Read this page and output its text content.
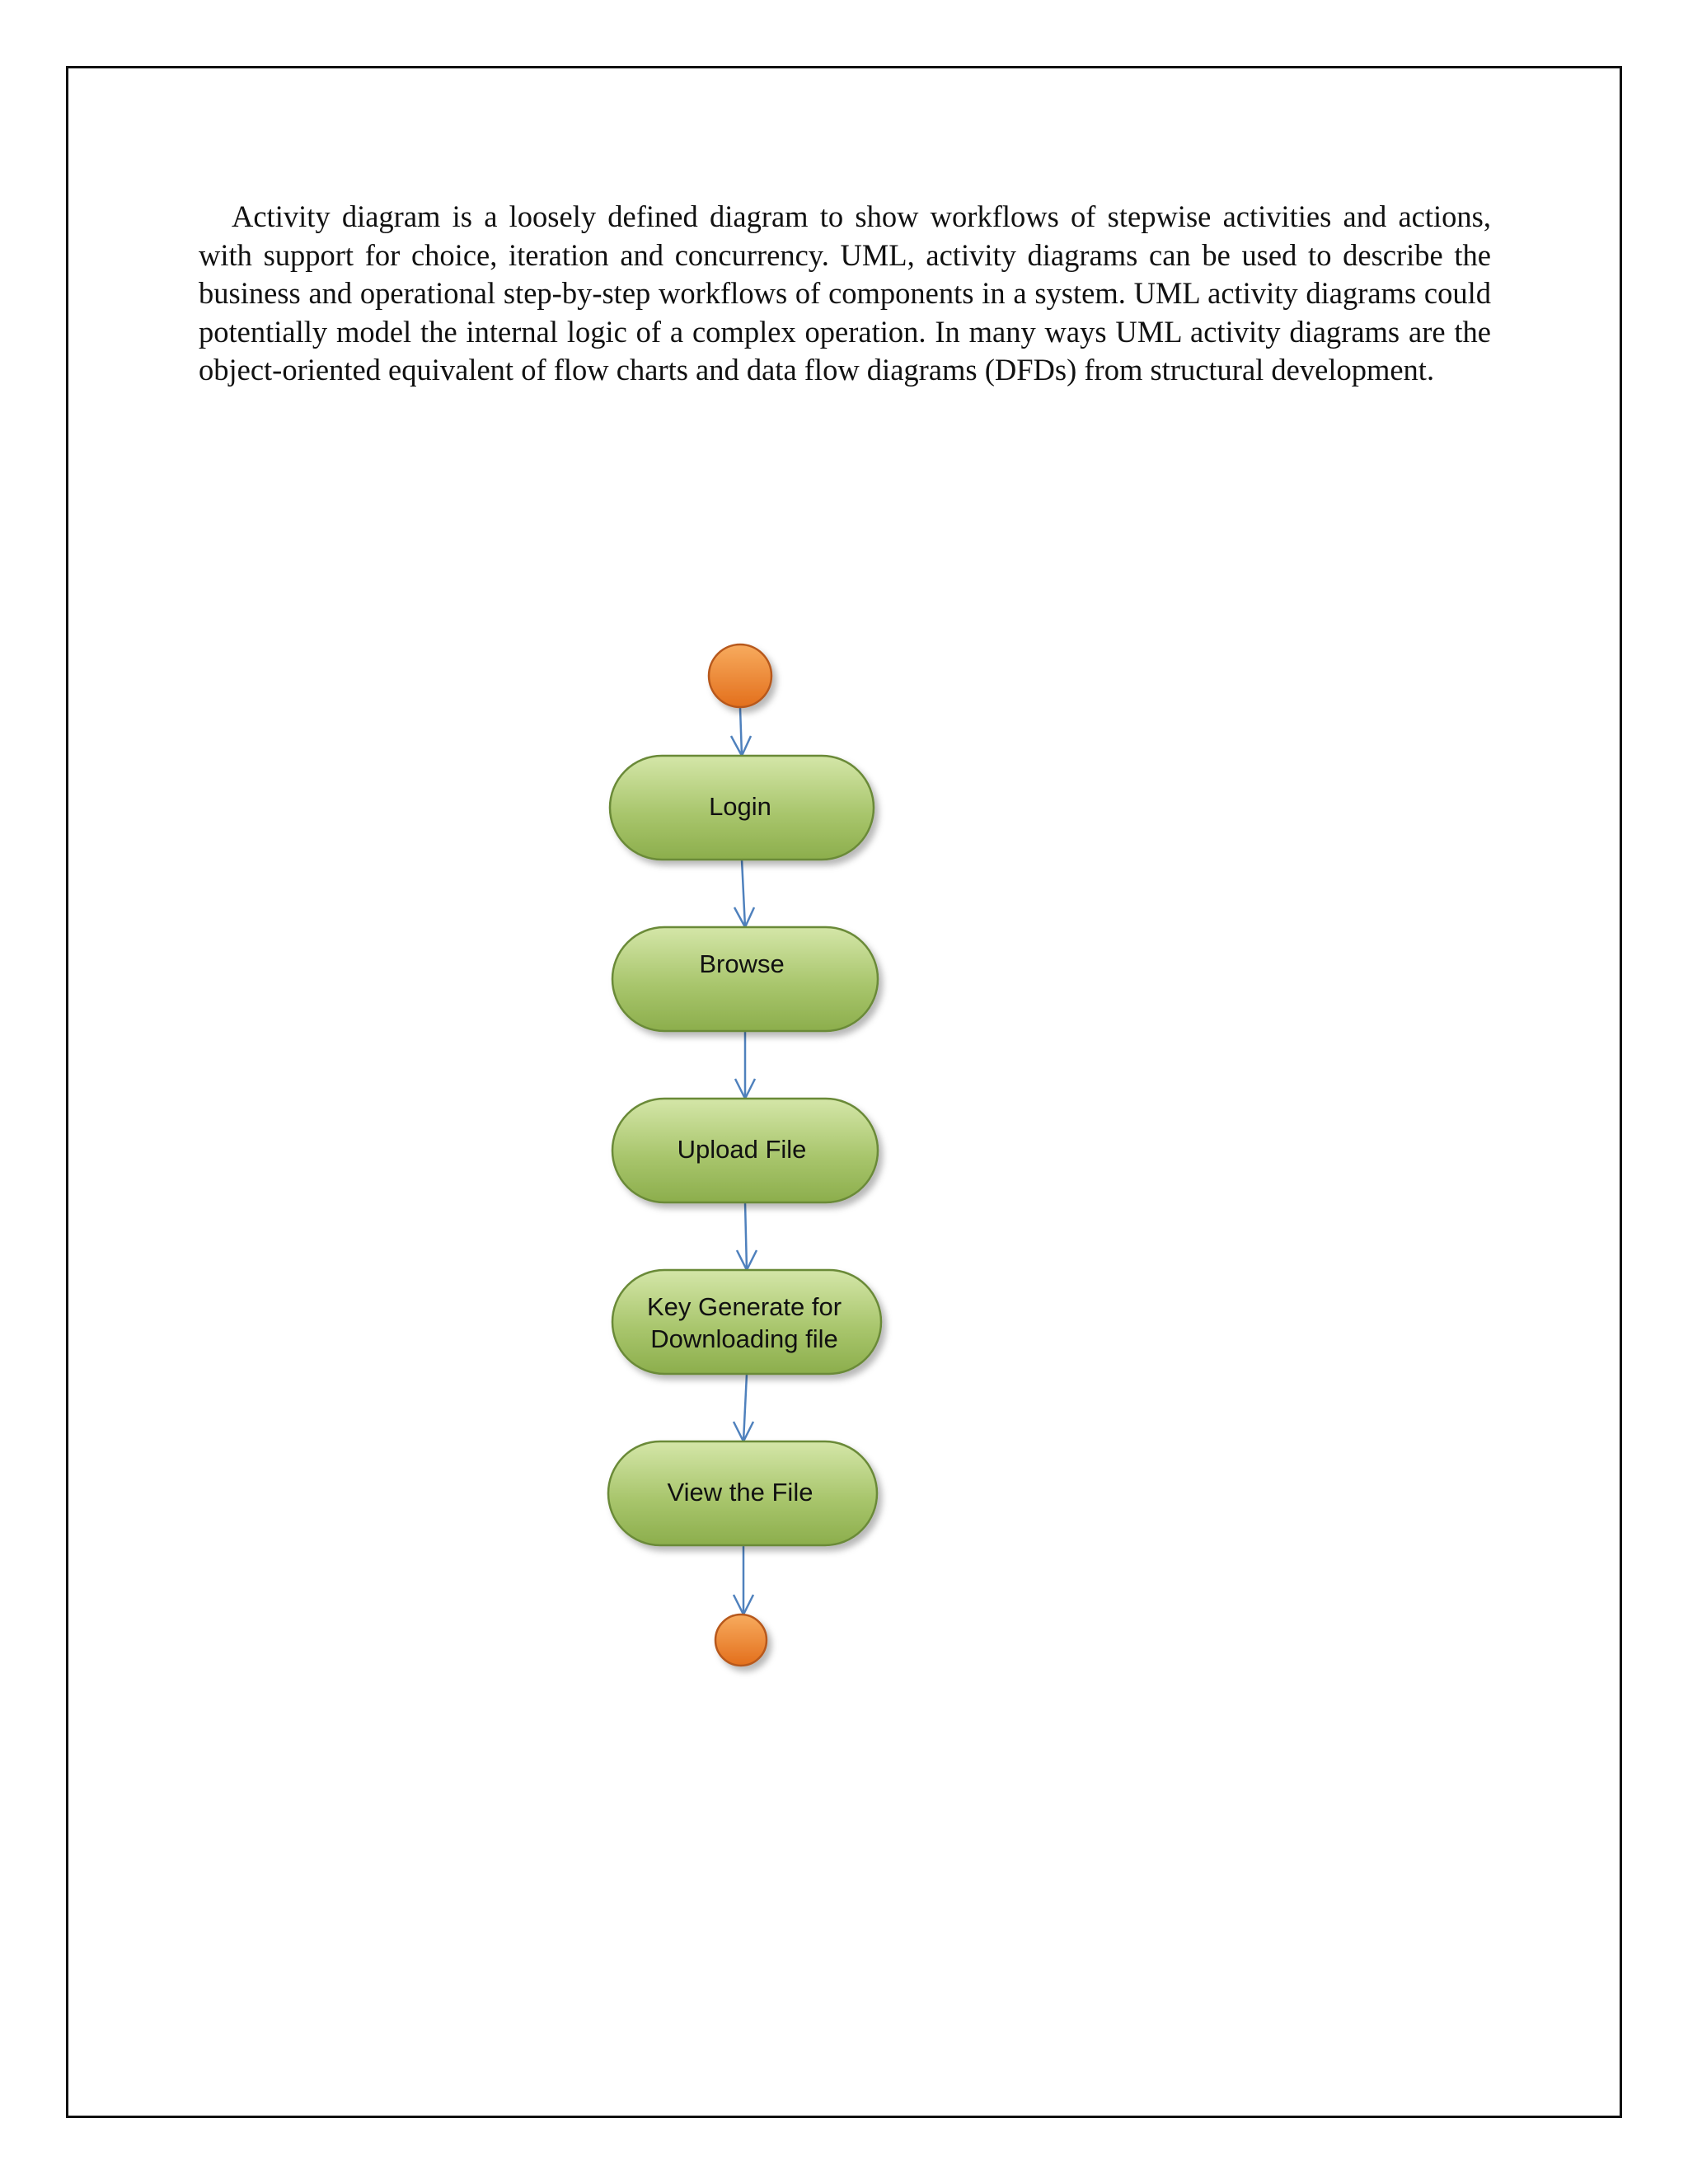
Activity diagram is a loosely defined diagram to show workflows of stepwise activities and actions, with support for choice, iteration and concurrency. UML, activity diagrams can be used to describe the business and operational step-by-step workflows of components in a system. UML activity diagrams could potentially model the internal logic of a complex operation. In many ways UML activity diagrams are the object-oriented equivalent of flow charts and data flow diagrams (DFDs) from structural development.

Login
Browse
Upload File
Key Generate for
Downloading file
View the File
